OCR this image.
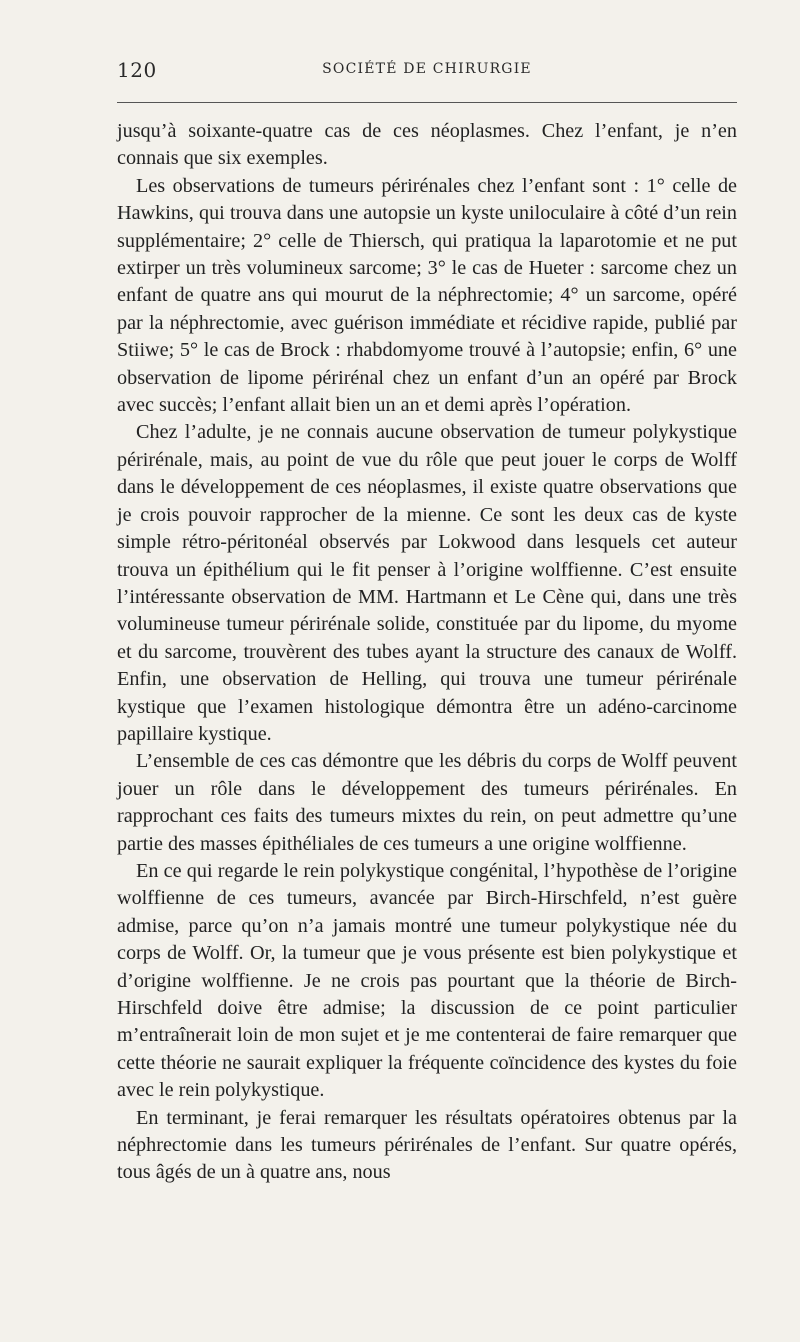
120	SOCIÉTÉ DE CHIRURGIE

jusqu’à soixante-quatre cas de ces néoplasmes. Chez l’enfant, je n’en connais que six exemples.

Les observations de tumeurs périrénales chez l’enfant sont : 1° celle de Hawkins, qui trouva dans une autopsie un kyste uniloculaire à côté d’un rein supplémentaire; 2° celle de Thiersch, qui pratiqua la laparotomie et ne put extirper un très volumineux sarcome; 3° le cas de Hueter : sarcome chez un enfant de quatre ans qui mourut de la néphrectomie; 4° un sarcome, opéré par la néphrectomie, avec guérison immédiate et récidive rapide, publié par Stiiwe; 5° le cas de Brock : rhabdomyome trouvé à l’autopsie; enfin, 6° une observation de lipome périrénal chez un enfant d’un an opéré par Brock avec succès; l’enfant allait bien un an et demi après l’opération.

Chez l’adulte, je ne connais aucune observation de tumeur polykystique périrénale, mais, au point de vue du rôle que peut jouer le corps de Wolff dans le développement de ces néoplasmes, il existe quatre observations que je crois pouvoir rapprocher de la mienne. Ce sont les deux cas de kyste simple rétro-péritonéal observés par Lokwood dans lesquels cet auteur trouva un épithélium qui le fit penser à l’origine wolffienne. C’est ensuite l’intéressante observation de MM. Hartmann et Le Cène qui, dans une très volumineuse tumeur périrénale solide, constituée par du lipome, du myome et du sarcome, trouvèrent des tubes ayant la structure des canaux de Wolff. Enfin, une observation de Helling, qui trouva une tumeur périrénale kystique que l’examen histologique démontra être un adéno-carcinome papillaire kystique.

L’ensemble de ces cas démontre que les débris du corps de Wolff peuvent jouer un rôle dans le développement des tumeurs périrénales. En rapprochant ces faits des tumeurs mixtes du rein, on peut admettre qu’une partie des masses épithéliales de ces tumeurs a une origine wolffienne.

En ce qui regarde le rein polykystique congénital, l’hypothèse de l’origine wolffienne de ces tumeurs, avancée par Birch-Hirschfeld, n’est guère admise, parce qu’on n’a jamais montré une tumeur polykystique née du corps de Wolff. Or, la tumeur que je vous présente est bien polykystique et d’origine wolffienne. Je ne crois pas pourtant que la théorie de Birch-Hirschfeld doive être admise; la discussion de ce point particulier m’entraînerait loin de mon sujet et je me contenterai de faire remarquer que cette théorie ne saurait expliquer la fréquente coïncidence des kystes du foie avec le rein polykystique.

En terminant, je ferai remarquer les résultats opératoires obtenus par la néphrectomie dans les tumeurs périrénales de l’enfant. Sur quatre opérés, tous âgés de un à quatre ans, nous
